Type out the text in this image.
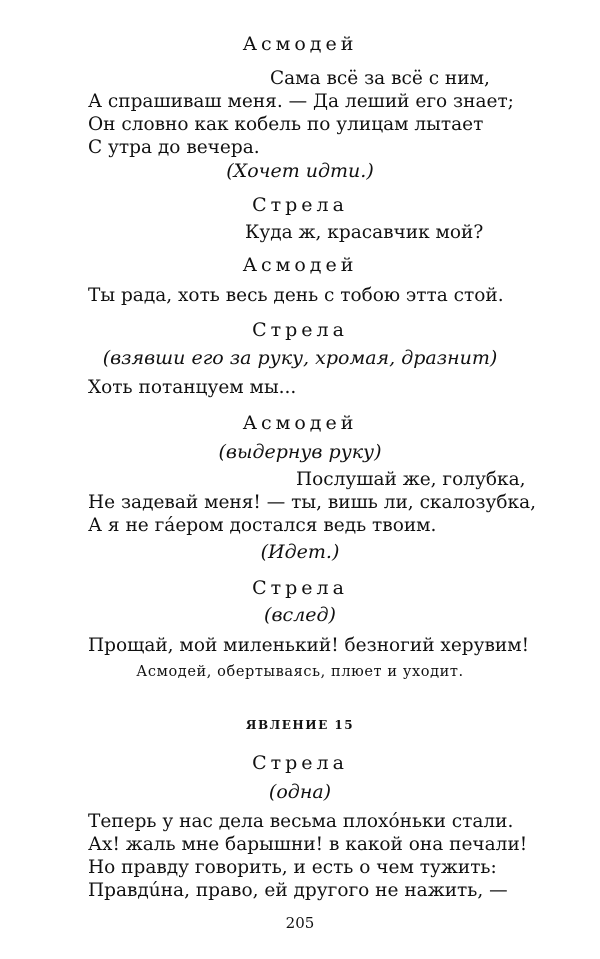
Асмодей
Сама всё за всё с ним,
А спрашиваш меня. — Да леший его знает;
Он словно как кобель по улицам лытает
С утра до вечера.
(Хочет идти.)
Стрела
Куда ж, красавчик мой?
Асмодей
Ты рада, хоть весь день с тобою этта стой.
Стрела
(взявши его за руку, хромая, дразнит)
Хоть потанцуем мы...
Асмодей
(выдернув руку)
Послушай же, голубка,
Не задевай меня! — ты, вишь ли, скалозубка,
А я не гáером достался ведь твоим.
(Идет.)
Стрела
(вслед)
Прощай, мой миленький! безногий херувим!
Асмодей, обертываясь, плюет и уходит.
ЯВЛЕНИЕ 15
Стрела
(одна)
Теперь у нас дела весьма плохóньки стали.
Ах! жаль мне барышни! в какой она печали!
Но правду говорить, и есть о чем тужить:
Правдúна, право, ей другого не нажить, —
205
